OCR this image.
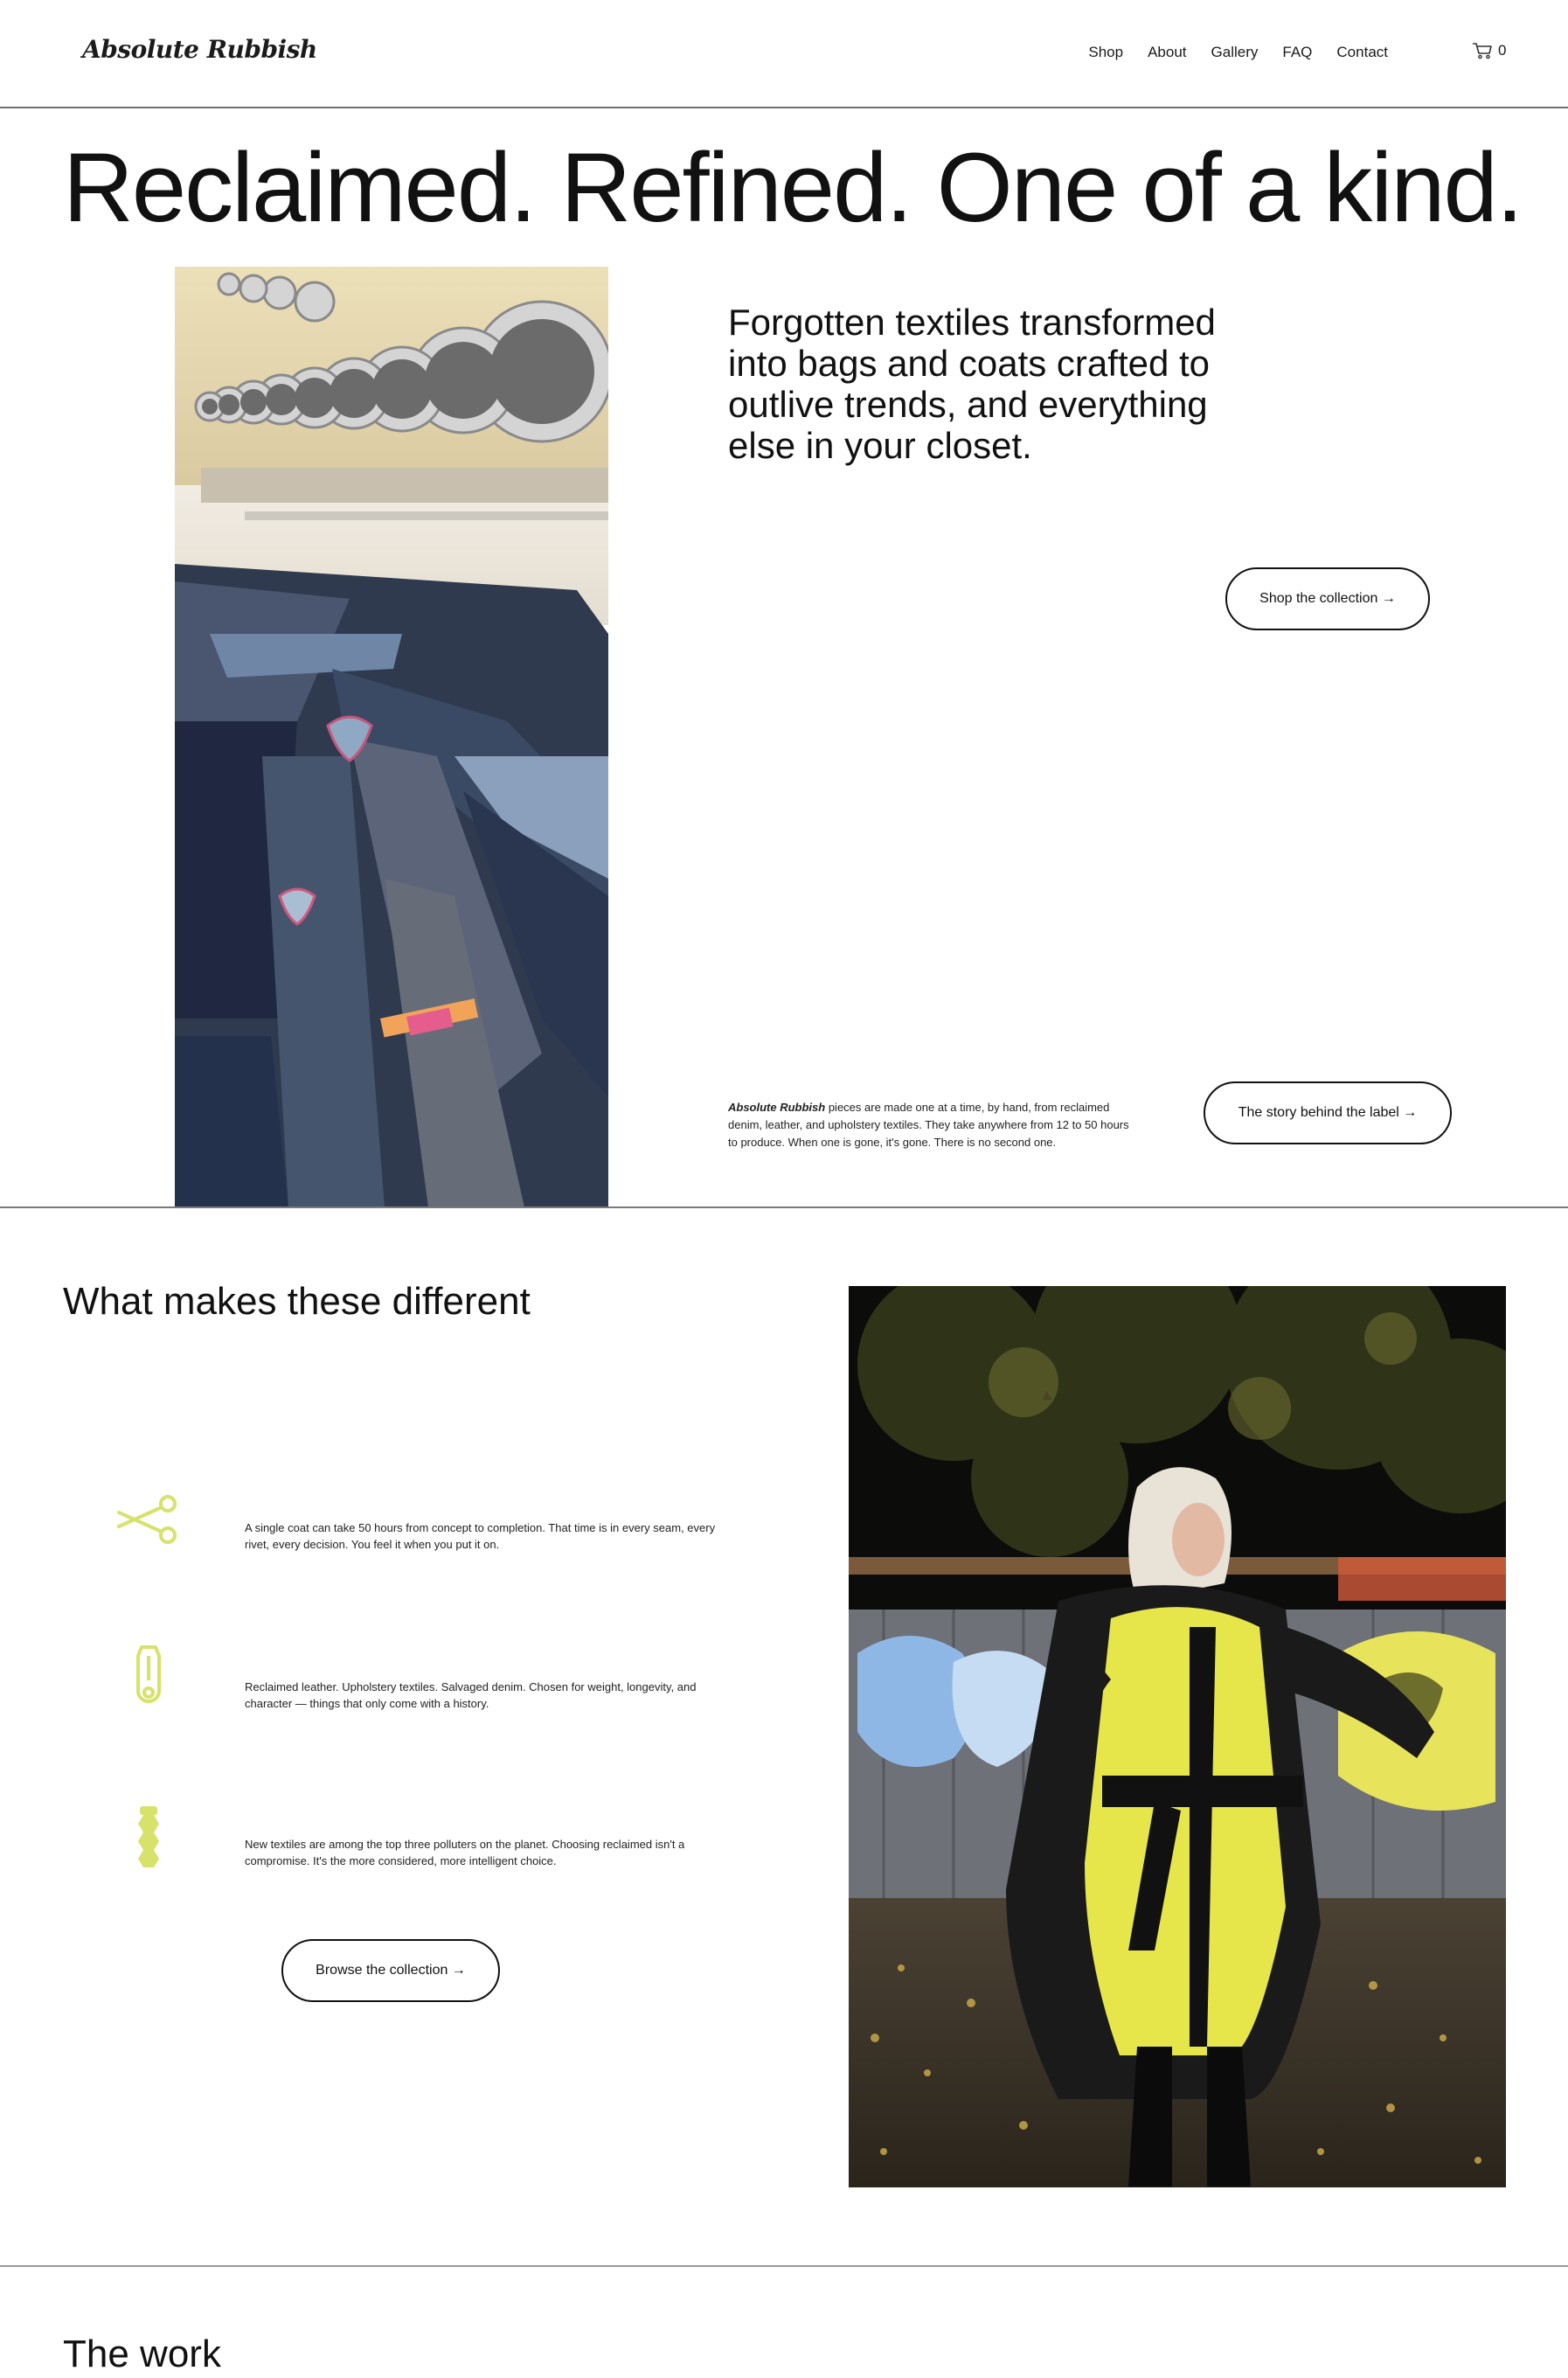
Absolute Rubbish	Shop About Gallery FAQ Contact	0
Reclaimed. Refined. One of a kind.

Forgotten textiles transformed into bags and coats crafted to outlive trends, and everything else in your closet.

Shop the collection →

Absolute Rubbish pieces are made one at a time, by hand, from reclaimed denim, leather, and upholstery textiles. They take anywhere from 12 to 50 hours to produce. When one is gone, it's gone. There is no second one.

The story behind the label →
What makes these different

A single coat can take 50 hours from concept to completion. That time is in every seam, every rivet, every decision. You feel it when you put it on.

Reclaimed leather. Upholstery textiles. Salvaged denim. Chosen for weight, longevity, and character — things that only come with a history.

New textiles are among the top three polluters on the planet. Choosing reclaimed isn't a compromise. It's the more considered, more intelligent choice.

Browse the collection →
The work
